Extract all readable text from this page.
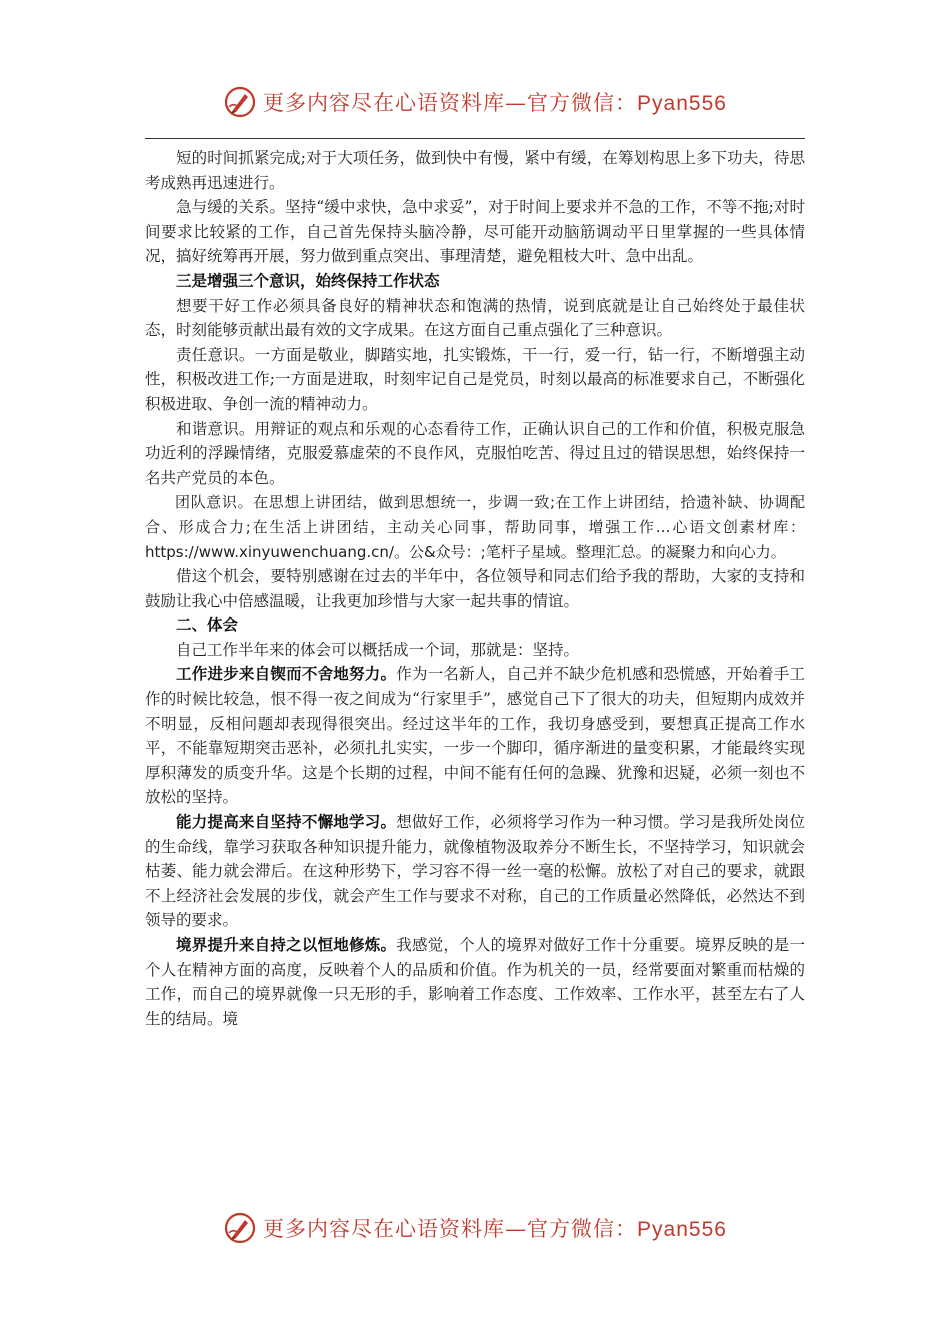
更多内容尽在心语资料库—官方微信：Pyan556

短的时间抓紧完成;对于大项任务，做到快中有慢，紧中有缓，在筹划构思上多下功夫，待思考成熟再迅速进行。

急与缓的关系。坚持“缓中求快，急中求妥”，对于时间上要求并不急的工作，不等不拖;对时间要求比较紧的工作，自己首先保持头脑冷静，尽可能开动脑筋调动平日里掌握的一些具体情况，搞好统筹再开展，努力做到重点突出、事理清楚，避免粗枝大叶、急中出乱。

三是增强三个意识，始终保持工作状态

想要干好工作必须具备良好的精神状态和饱满的热情，说到底就是让自己始终处于最佳状态，时刻能够贡献出最有效的文字成果。在这方面自己重点强化了三种意识。

责任意识。一方面是敬业，脚踏实地，扎实锻炼，干一行，爱一行，钻一行，不断增强主动性，积极改进工作;一方面是进取，时刻牢记自己是党员，时刻以最高的标准要求自己，不断强化积极进取、争创一流的精神动力。

和谐意识。用辩证的观点和乐观的心态看待工作，正确认识自己的工作和价值，积极克服急功近利的浮躁情绪，克服爱慕虚荣的不良作风，克服怕吃苦、得过且过的错误思想，始终保持一名共产党员的本色。

团队意识。在思想上讲团结，做到思想统一，步调一致;在工作上讲团结，拾遗补缺、协调配合、形成合力;在生活上讲团结，主动关心同事，帮助同事，增强工作…心语文创素材库：https://www.xinyuwenchuang.cn/。公&众号：;笔杆子星域。整理汇总。的凝聚力和向心力。

借这个机会，要特别感谢在过去的半年中，各位领导和同志们给予我的帮助，大家的支持和鼓励让我心中倍感温暖，让我更加珍惜与大家一起共事的情谊。

二、体会

自己工作半年来的体会可以概括成一个词，那就是：坚持。

工作进步来自锲而不舍地努力。作为一名新人，自己并不缺少危机感和恐慌感，开始着手工作的时候比较急，恨不得一夜之间成为“行家里手”，感觉自己下了很大的功夫，但短期内成效并不明显，反相问题却表现得很突出。经过这半年的工作，我切身感受到，要想真正提高工作水平，不能靠短期突击恶补，必须扎扎实实，一步一个脚印，循序渐进的量变积累，才能最终实现厚积薄发的质变升华。这是个长期的过程，中间不能有任何的急躁、犹豫和迟疑，必须一刻也不放松的坚持。

能力提高来自坚持不懈地学习。想做好工作，必须将学习作为一种习惯。学习是我所处岗位的生命线，靠学习获取各种知识提升能力，就像植物汲取养分不断生长，不坚持学习，知识就会枯萎、能力就会滞后。在这种形势下，学习容不得一丝一毫的松懈。放松了对自己的要求，就跟不上经济社会发展的步伐，就会产生工作与要求不对称，自己的工作质量必然降低，必然达不到领导的要求。

境界提升来自持之以恒地修炼。我感觉，个人的境界对做好工作十分重要。境界反映的是一个人在精神方面的高度，反映着个人的品质和价值。作为机关的一员，经常要面对繁重而枯燥的工作，而自己的境界就像一只无形的手，影响着工作态度、工作效率、工作水平，甚至左右了人生的结局。境

更多内容尽在心语资料库—官方微信：Pyan556
